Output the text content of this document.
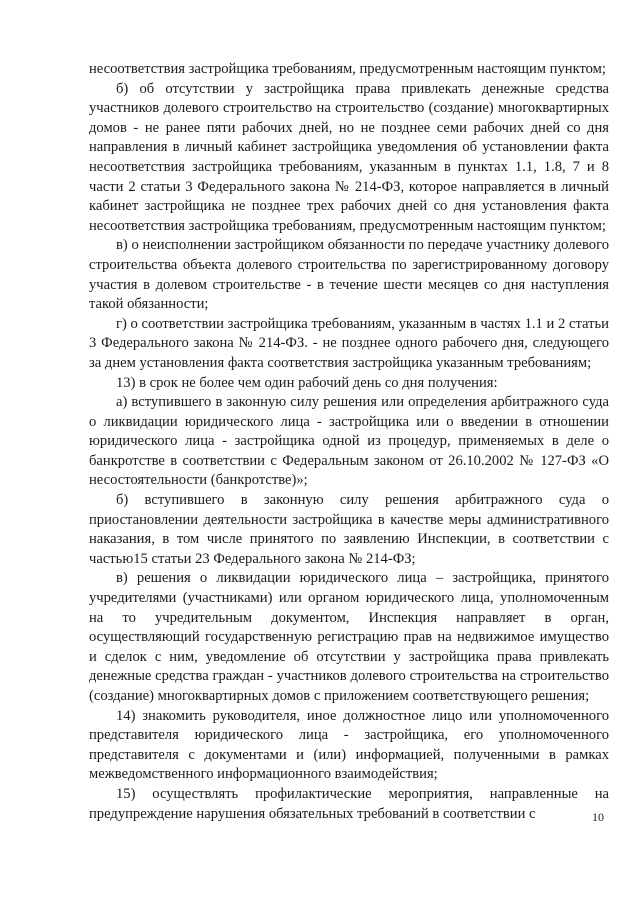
несоответствия застройщика требованиям, предусмотренным настоящим пунктом;

б) об отсутствии у застройщика права привлекать денежные средства участников долевого строительство на строительство (создание) многоквартирных домов - не ранее пяти рабочих дней, но не позднее семи рабочих дней со дня направления в личный кабинет застройщика уведомления об установлении факта несоответствия застройщика требованиям, указанным в пунктах 1.1, 1.8, 7 и 8 части 2 статьи 3 Федерального закона № 214-ФЗ, которое направляется в личный кабинет застройщика не позднее трех рабочих дней со дня установления факта несоответствия застройщика требованиям, предусмотренным настоящим пунктом;

в) о неисполнении застройщиком обязанности по передаче участнику долевого строительства объекта долевого строительства по зарегистрированному договору участия в долевом строительстве - в течение шести месяцев со дня наступления такой обязанности;

г) о соответствии застройщика требованиям, указанным в частях 1.1 и 2 статьи 3 Федерального закона № 214-ФЗ. - не позднее одного рабочего дня, следующего за днем установления факта соответствия застройщика указанным требованиям;

13) в срок не более чем один рабочий день со дня получения:

а) вступившего в законную силу решения или определения арбитражного суда о ликвидации юридического лица - застройщика или о введении в отношении юридического лица - застройщика одной из процедур, применяемых в деле о банкротстве в соответствии с Федеральным законом от 26.10.2002 № 127-ФЗ «О несостоятельности (банкротстве)»;

б) вступившего в законную силу решения арбитражного суда о приостановлении деятельности застройщика в качестве меры административного наказания, в том числе принятого по заявлению Инспекции, в соответствии с частью15 статьи 23 Федерального закона № 214-ФЗ;

в) решения о ликвидации юридического лица – застройщика, принятого учредителями (участниками) или органом юридического лица, уполномоченным на то учредительным документом, Инспекция направляет в орган, осуществляющий государственную регистрацию прав на недвижимое имущество и сделок с ним, уведомление об отсутствии у застройщика права привлекать денежные средства граждан - участников долевого строительства на строительство (создание) многоквартирных домов с приложением соответствующего решения;

14) знакомить руководителя, иное должностное лицо или уполномоченного представителя юридического лица - застройщика, его уполномоченного представителя с документами и (или) информацией, полученными в рамках межведомственного информационного взаимодействия;

15) осуществлять профилактические мероприятия, направленные на предупреждение нарушения обязательных требований в соответствии с	10
